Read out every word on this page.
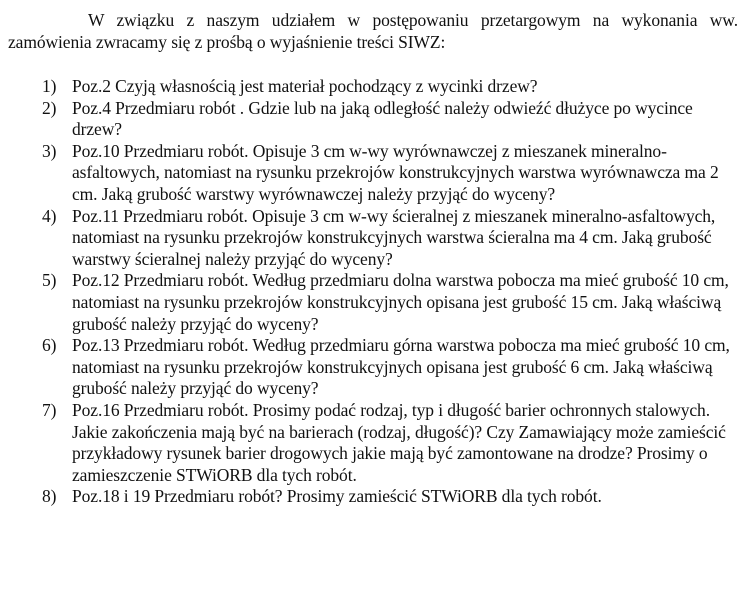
W związku z naszym udziałem w postępowaniu przetargowym na wykonania ww. zamówienia zwracamy się z prośbą o wyjaśnienie treści SIWZ:

1) Poz.2 Czyją własnością jest materiał pochodzący z wycinki drzew?
2) Poz.4 Przedmiaru robót . Gdzie lub na jaką odległość należy odwieźć dłużyce po wycince drzew?
3) Poz.10 Przedmiaru robót. Opisuje 3 cm w-wy wyrównawczej z mieszanek mineralno-asfaltowych, natomiast na rysunku przekrojów konstrukcyjnych warstwa wyrównawcza ma 2 cm. Jaką grubość warstwy wyrównawczej należy przyjąć do wyceny?
4) Poz.11 Przedmiaru robót. Opisuje 3 cm w-wy ścieralnej z mieszanek mineralno-asfaltowych, natomiast na rysunku przekrojów konstrukcyjnych warstwa ścieralna ma 4 cm. Jaką grubość warstwy ścieralnej należy przyjąć do wyceny?
5) Poz.12 Przedmiaru robót. Według przedmiaru dolna warstwa pobocza ma mieć grubość 10 cm, natomiast na rysunku przekrojów konstrukcyjnych opisana jest grubość 15 cm. Jaką właściwą grubość należy przyjąć do wyceny?
6) Poz.13 Przedmiaru robót. Według przedmiaru górna warstwa pobocza ma mieć grubość 10 cm, natomiast na rysunku przekrojów konstrukcyjnych opisana jest grubość 6 cm. Jaką właściwą grubość należy przyjąć do wyceny?
7) Poz.16 Przedmiaru robót. Prosimy podać rodzaj, typ i długość barier ochronnych stalowych. Jakie zakończenia mają być na barierach (rodzaj, długość)? Czy Zamawiający może zamieścić przykładowy rysunek barier drogowych jakie mają być zamontowane na drodze? Prosimy o zamieszczenie STWiORB dla tych robót.
8) Poz.18 i 19 Przedmiaru robót? Prosimy zamieścić STWiORB dla tych robót.
